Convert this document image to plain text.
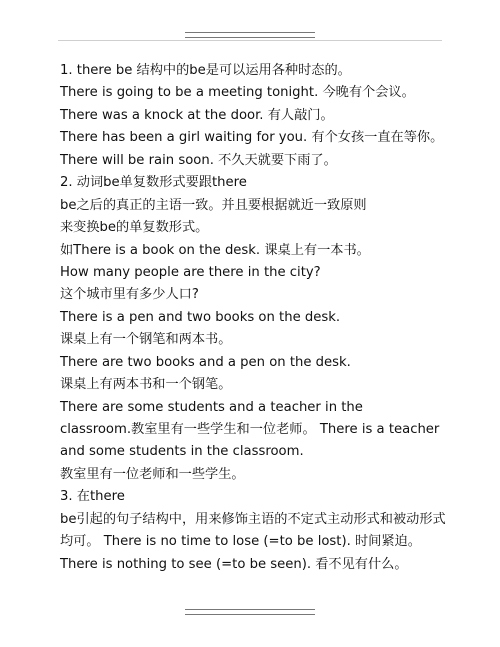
1. there be 结构中的be是可以运用各种时态的。
There is going to be a meeting tonight. 今晚有个会议。
There was a knock at the door. 有人敲门。
There has been a girl waiting for you. 有个女孩一直在等你。
There will be rain soon. 不久天就要下雨了。
2. 动词be单复数形式要跟there
be之后的真正的主语一致。并且要根据就近一致原则
来变换be的单复数形式。
如There is a book on the desk. 课桌上有一本书。
How many people are there in the city?
这个城市里有多少人口?
There is a pen and two books on the desk.
课桌上有一个钢笔和两本书。
There are two books and a pen on the desk.
课桌上有两本书和一个钢笔。
There are some students and a teacher in the
classroom.教室里有一些学生和一位老师。 There is a teacher
and some students in the classroom.
教室里有一位老师和一些学生。
3. 在there
be引起的句子结构中，用来修饰主语的不定式主动形式和被动形式
均可。 There is no time to lose (=to be lost). 时间紧迫。
There is nothing to see (=to be seen). 看不见有什么。
